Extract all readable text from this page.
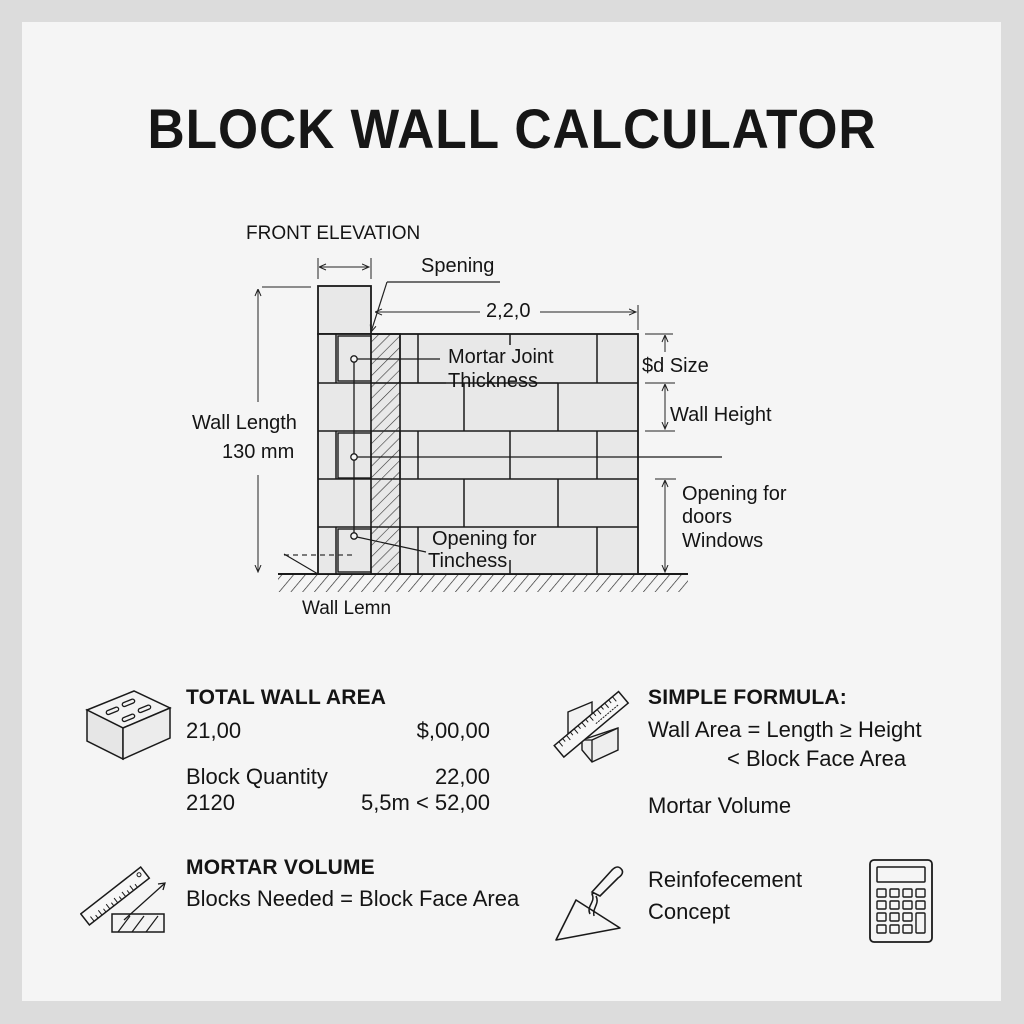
BLOCK WALL CALCULATOR
FRONT ELEVATION
Spening
2,2,0
Mortar Joint
Thickness
$d Size
Wall Height
Wall Length
130 mm
Opening for
doors
Windows
Opening for
Tinchess
Wall Lemn
TOTAL WALL AREA
21,00	$,00,00
Block Quantity	22,00
2120	5,5m < 52,00
SIMPLE FORMULA:
Wall Area = Length ≥ Height
< Block Face Area
Mortar Volume
MORTAR VOLUME
Blocks Needed = Block Face Area
Reinfofecement
Concept
